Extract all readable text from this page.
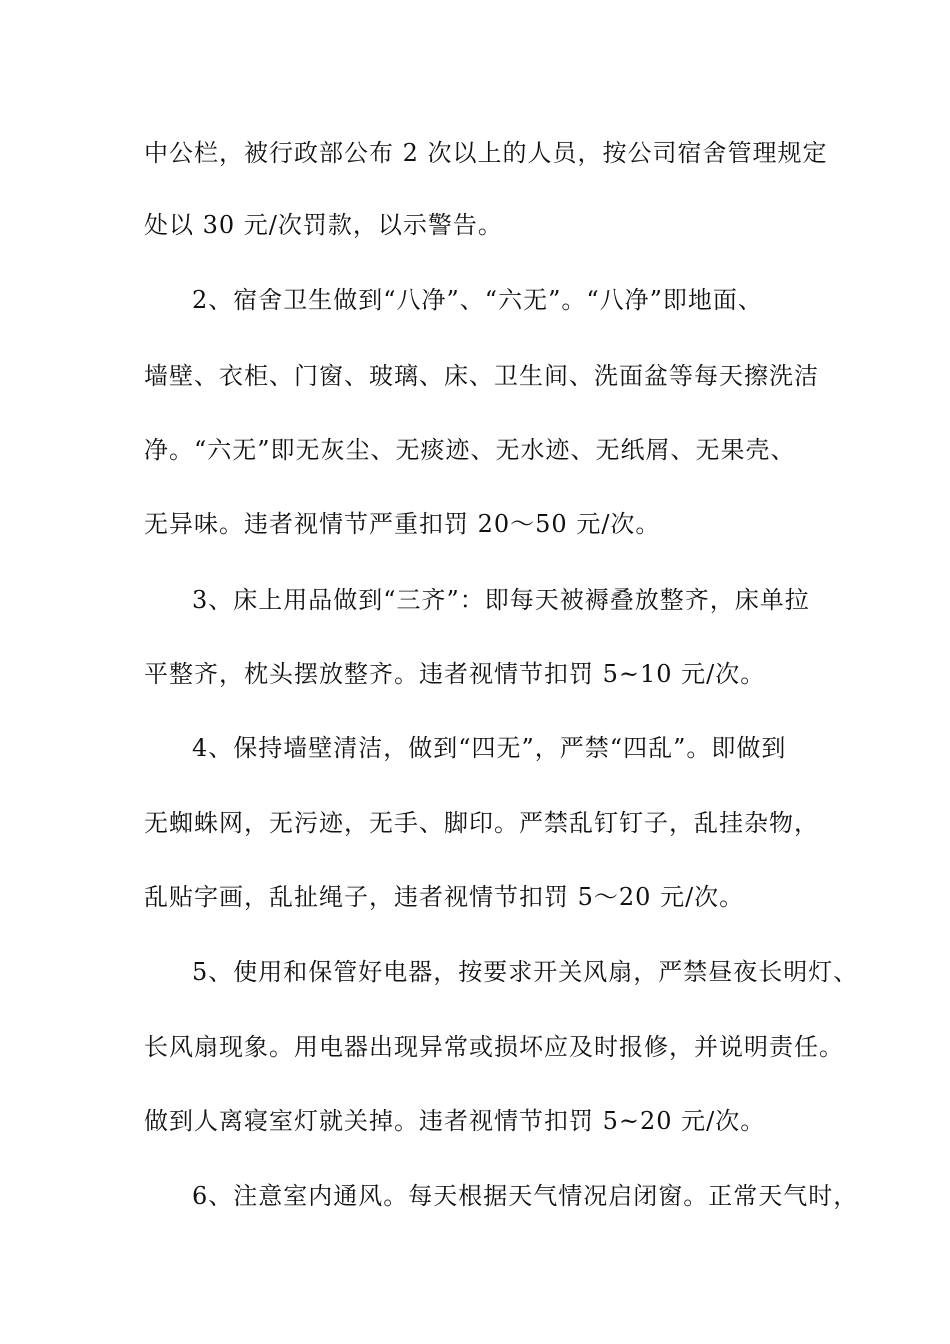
中公栏，被行政部公布 2 次以上的人员，按公司宿舍管理规定
处以 30 元/次罚款，以示警告。
2、宿舍卫生做到“八净”、“六无”。“八净”即地面、
墙壁、衣柜、门窗、玻璃、床、卫生间、洗面盆等每天擦洗洁
净。“六无”即无灰尘、无痰迹、无水迹、无纸屑、无果壳、
无异味。违者视情节严重扣罚 20～50 元/次。
3、床上用品做到“三齐”：即每天被褥叠放整齐，床单拉
平整齐，枕头摆放整齐。违者视情节扣罚 5~10 元/次。
4、保持墙壁清洁，做到“四无”，严禁“四乱”。即做到
无蜘蛛网，无污迹，无手、脚印。严禁乱钉钉子，乱挂杂物，
乱贴字画，乱扯绳子，违者视情节扣罚 5～20 元/次。
5、使用和保管好电器，按要求开关风扇，严禁昼夜长明灯、
长风扇现象。用电器出现异常或损坏应及时报修，并说明责任。
做到人离寝室灯就关掉。违者视情节扣罚 5~20 元/次。
6、注意室内通风。每天根据天气情况启闭窗。正常天气时，
